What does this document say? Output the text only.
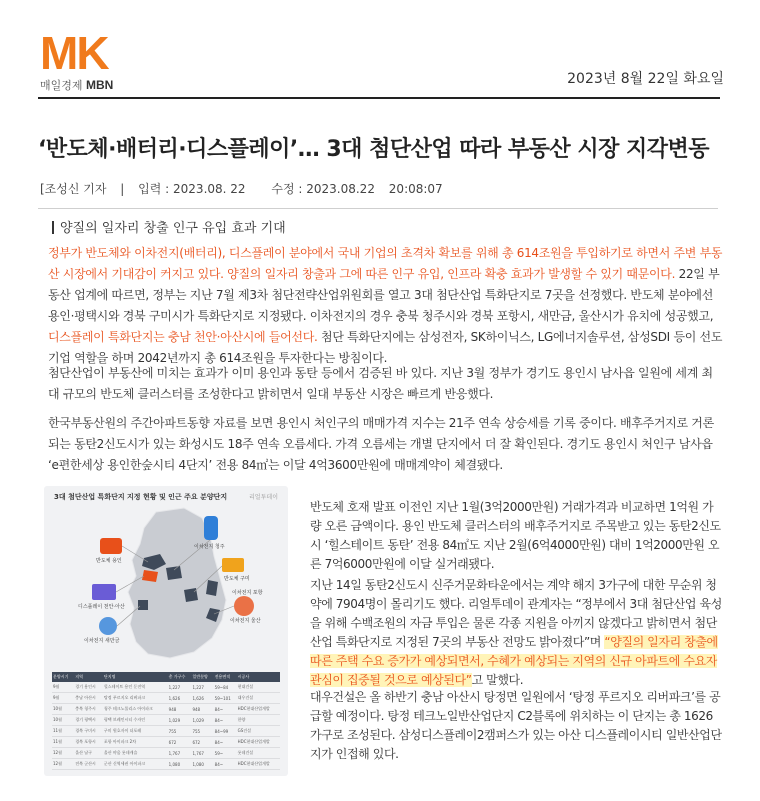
MK
매일경제 MBN	2023년 8월 22일 화요일
‘반도체·배터리·디스플레이’… 3대 첨단산업 따라 부동산 시장 지각변동
[조성신 기자 | 입력 : 2023.08. 22 수정 : 2023.08.22 20:08:07
양질의 일자리 창출 인구 유입 효과 기대
정부가 반도체와 이차전지(배터리), 디스플레이 분야에서 국내 기업의 초격차 확보를 위해 총 614조원을 투입하기로 하면서 주변 부동산 시장에서 기대감이 커지고 있다. 양질의 일자리 창출과 그에 따른 인구 유입, 인프라 확충 효과가 발생할 수 있기 때문이다. 22일 부동산 업계에 따르면, 정부는 지난 7월 제3차 첨단전략산업위원회를 열고 3대 첨단산업 특화단지로 7곳을 선정했다. 반도체 분야에선 용인·평택시와 경북 구미시가 특화단지로 지정됐다. 이차전지의 경우 충북 청주시와 경북 포항시, 새만금, 울산시가 유치에 성공했고, 디스플레이 특화단지는 충남 천안·아산시에 들어선다. 첨단 특화단지에는 삼성전자, SK하이닉스, LG에너지솔루션, 삼성SDI 등이 선도기업 역할을 하며 2042년까지 총 614조원을 투자한다는 방침이다.
첨단산업이 부동산에 미치는 효과가 이미 용인과 동탄 등에서 검증된 바 있다. 지난 3월 정부가 경기도 용인시 남사읍 일원에 세계 최대 규모의 반도체 클러스터를 조성한다고 밝히면서 일대 부동산 시장은 빠르게 반응했다.
한국부동산원의 주간아파트동향 자료를 보면 용인시 처인구의 매매가격 지수는 21주 연속 상승세를 기록 중이다. 배후주거지로 거론되는 동탄2신도시가 있는 화성시도 18주 연속 오름세다. 가격 오름세는 개별 단지에서 더 잘 확인된다. 경기도 용인시 처인구 남사읍 ‘e편한세상 용인한숲시티 4단지’ 전용 84㎡는 이달 4억3600만원에 매매계약이 체결됐다.
3대 첨단산업 특화단지 지정 현황 및 인근 주요 분양단지	리얼투데이
반도체 용인
이차전지 청주
디스플레이 천안·아산
반도체 구미
이차전지 포항
이차전지 울산
이차전지 새만금
분양시기	지역	단지명	총 가구수	일반분양	전용면적	시공사
9월	경기 용인시	힐스테이트 용인 둔전역	1,227	1,227	59~84	현대건설
9월	충남 아산시	탕정 푸르지오 리버파크	1,626	1,626	59~101	대우건설
10월	충북 청주시	청주 테크노폴리스 아이파크	948	948	84~	HDC현대산업개발
10월	경기 평택시	평택 브레인시티 수자인	1,029	1,029	84~	한양
11월	경북 구미시	구미 원호자이 더포레	755	755	84~99	GS건설
11월	경북 포항시	포항 아이파크 2차	672	672	84~	HDC현대산업개발
12월	울산 남구	울산 야음 롯데캐슬	1,767	1,767	59~	롯데건설
12월	전북 군산시	군산 신역세권 아이파크	1,080	1,080	84~	HDC현대산업개발
반도체 호재 발표 이전인 지난 1월(3억2000만원) 거래가격과 비교하면 1억원 가량 오른 금액이다. 용인 반도체 클러스터의 배후주거지로 주목받고 있는 동탄2신도시 ‘힐스테이트 동탄’ 전용 84㎡도 지난 2월(6억4000만원) 대비 1억2000만원 오른 7억6000만원에 이달 실거래됐다.
지난 14일 동탄2신도시 신주거문화타운에서는 계약 해지 3가구에 대한 무순위 청약에 7904명이 몰리기도 했다. 리얼투데이 관계자는 “정부에서 3대 첨단산업 육성을 위해 수백조원의 자금 투입은 물론 각종 지원을 아끼지 않겠다고 밝히면서 첨단산업 특화단지로 지정된 7곳의 부동산 전망도 밝아졌다”며 “양질의 일자리 창출에 따른 주택 수요 증가가 예상되면서, 수혜가 예상되는 지역의 신규 아파트에 수요자 관심이 집중될 것으로 예상된다”고 말했다.
대우건설은 올 하반기 충남 아산시 탕정면 일원에서 ‘탕정 푸르지오 리버파크’를 공급할 예정이다. 탕정 테크노일반산업단지 C2블록에 위치하는 이 단지는 총 1626가구로 조성된다. 삼성디스플레이2캠퍼스가 있는 아산 디스플레이시티 일반산업단지가 인접해 있다.
